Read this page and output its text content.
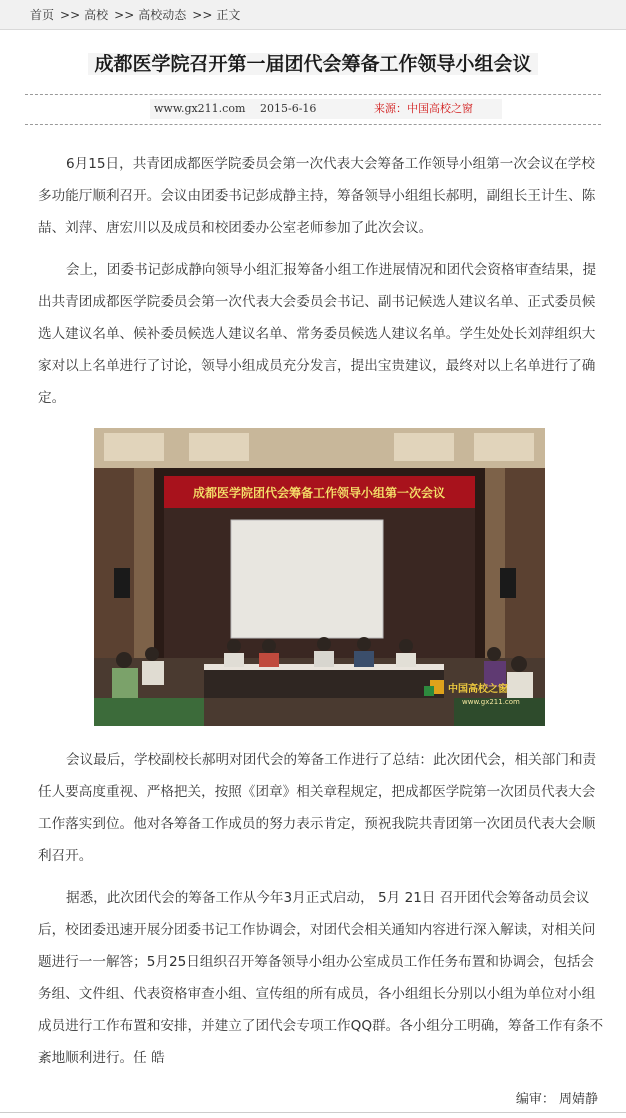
首页 >> 高校 >> 高校动态 >> 正文
成都医学院召开第一届团代会筹备工作领导小组会议
www.gx211.com 2015-6-16	来源：中国高校之窗

6月15日，共青团成都医学院委员会第一次代表大会筹备工作领导小组第一次会议在学校多功能厅顺利召开。会议由团委书记彭成静主持，筹备领导小组组长郝明，副组长王计生、陈喆、刘萍、唐宏川以及成员和校团委办公室老师参加了此次会议。

会上，团委书记彭成静向领导小组汇报筹备小组工作进展情况和团代会资格审查结果，提出共青团成都医学院委员会第一次代表大会委员会书记、副书记候选人建议名单、正式委员候选人建议名单、候补委员候选人建议名单、常务委员候选人建议名单。学生处处长刘萍组织大家对以上名单进行了讨论，领导小组成员充分发言，提出宝贵建议，最终对以上名单进行了确定。

成都医学院团代会筹备工作领导小组第一次会议
中国高校之窗
www.gx211.com

会议最后，学校副校长郝明对团代会的筹备工作进行了总结：此次团代会，相关部门和责任人要高度重视、严格把关，按照《团章》相关章程规定，把成都医学院第一次团员代表大会工作落实到位。他对各筹备工作成员的努力表示肯定，预祝我院共青团第一次团员代表大会顺利召开。

据悉，此次团代会的筹备工作从今年3月正式启动， 5月 21日 召开团代会筹备动员会议后，校团委迅速开展分团委书记工作协调会，对团代会相关通知内容进行深入解读，对相关问题进行一一解答；5月25日组织召开筹备领导小组办公室成员工作任务布置和协调会，包括会务组、文件组、代表资格审查小组、宣传组的所有成员，各小组组长分别以小组为单位对小组成员进行工作布置和安排，并建立了团代会专项工作QQ群。各小组分工明确，筹备工作有条不紊地顺利进行。任 皓

编审： 周婧静
